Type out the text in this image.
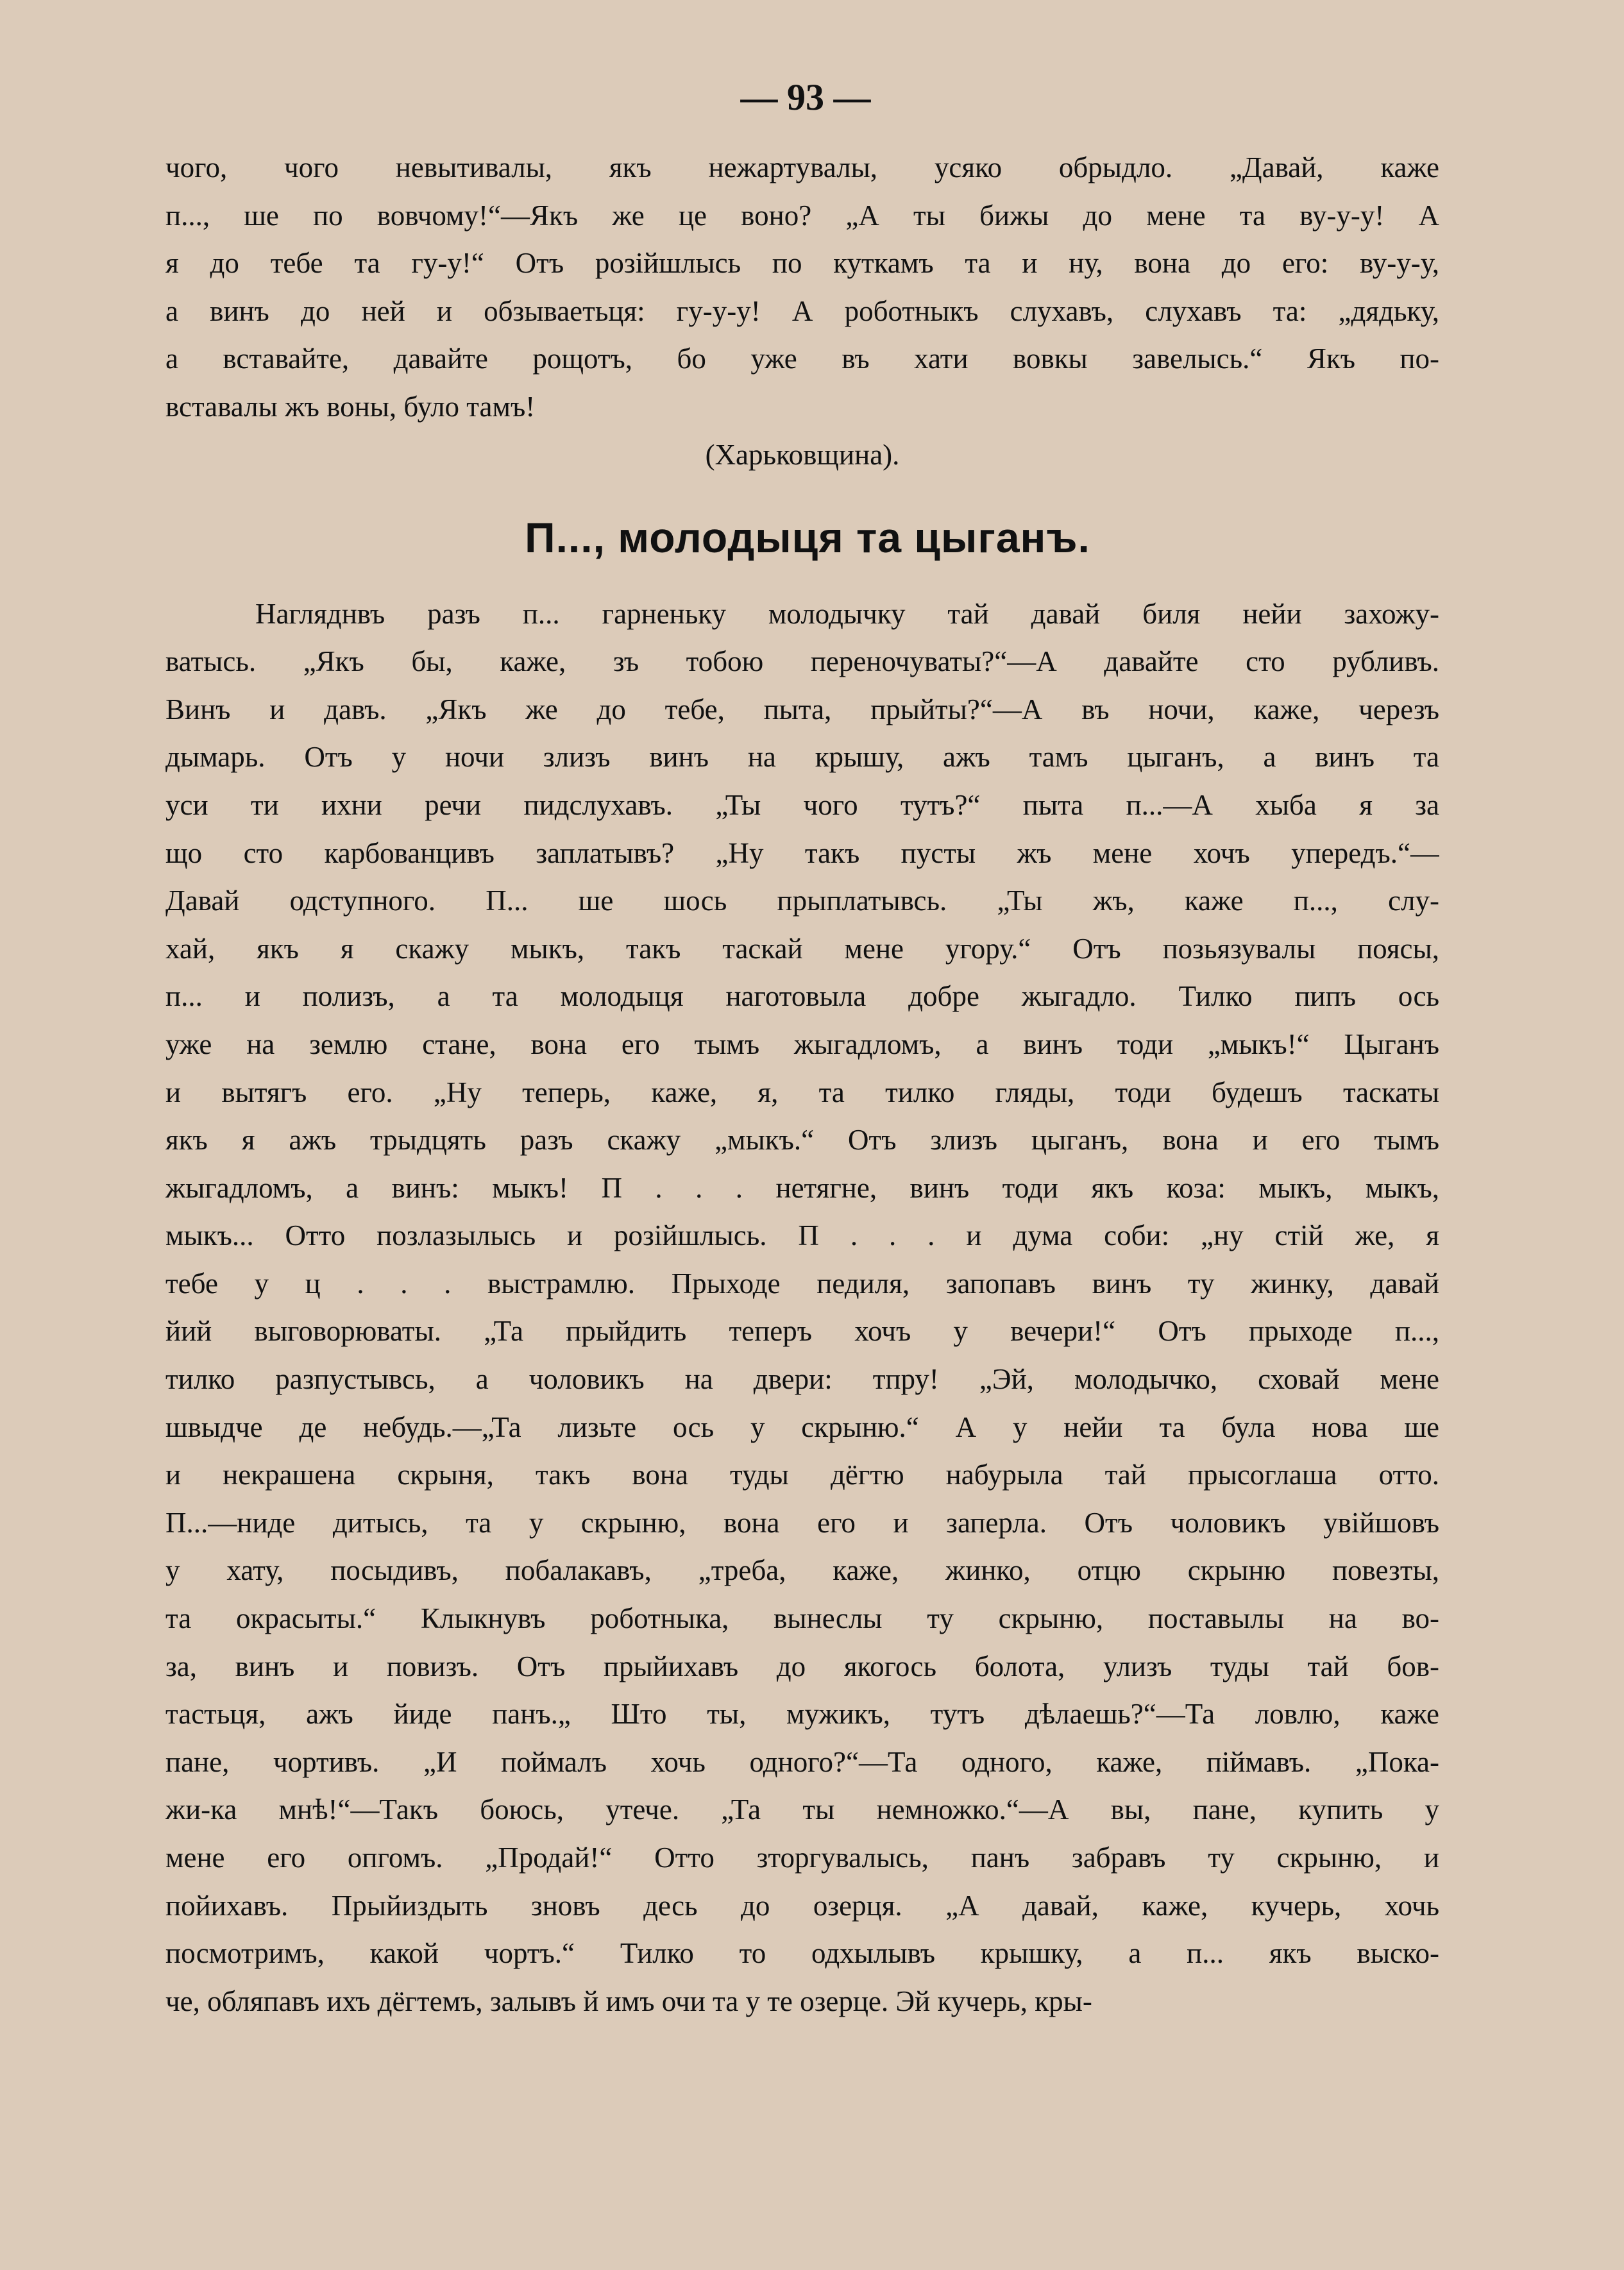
— 93 —
чого, чого невытивалы, якъ нежартувалы, усяко обрыдло. „Давай, каже
п..., ше по вовчому!“—Якъ же це воно? „А ты бижы до мене та ву-у-у! А
я до тебе та гу-у!“ Отъ розійшлысь по куткамъ та и ну, вона до его: ву-у-у,
а винъ до ней и обзываетьця: гу-у-у! А роботныкъ слухавъ, слухавъ та: „дядьку,
а вставайте, давайте рощотъ, бо уже въ хати вовкы завелысь.“ Якъ по-
вставалы жъ воны, було тамъ!
(Харьковщина).
П..., молодыця та цыганъ.
Нагляднвъ разъ п... гарненьку молодычку тай давай биля нейи захожу-
ватысь. „Якъ бы, каже, зъ тобою переночуваты?“—А давайте сто рубливъ.
Винъ и давъ. „Якъ же до тебе, пыта, прыйты?“—А въ ночи, каже, черезъ
дымарь. Отъ у ночи злизъ винъ на крышу, ажъ тамъ цыганъ, а винъ та
уси ти ихни речи пидслухавъ. „Ты чого тутъ?“ пыта п...—А хыба я за
що сто карбованцивъ заплатывъ? „Ну такъ пусты жъ мене хочъ упередъ.“—
Давай одступного. П... ше шось прыплатывсь. „Ты жъ, каже п..., слу-
хай, якъ я скажу мыкъ, такъ таскай мене угору.“ Отъ позьязувалы поясы,
п... и полизъ, а та молодыця наготовыла добре жыгадло. Тилко пипъ ось
уже на землю стане, вона его тымъ жыгадломъ, а винъ тоди „мыкъ!“ Цыганъ
и вытягъ его. „Ну теперь, каже, я, та тилко гляды, тоди будешъ таскаты
якъ я ажъ трыдцять разъ скажу „мыкъ.“ Отъ злизъ цыганъ, вона и его тымъ
жыгадломъ, а винъ: мыкъ! П . . . нетягне, винъ тоди якъ коза: мыкъ, мыкъ,
мыкъ... Отто позлазылысь и розійшлысь. П . . . и дума соби: „ну стій же, я
тебе у ц . . . выстрамлю. Прыходе педиля, запопавъ винъ ту жинку, давай
йий выговорюваты. „Та прыйдить теперъ хочъ у вечери!“ Отъ прыходе п...,
тилко разпустывсь, а чоловикъ на двери: тпру! „Эй, молодычко, сховай мене
швыдче де небудь.—„Та лизьте ось у скрыню.“ А у нейи та була нова ше
и некрашена скрыня, такъ вона туды дёгтю набурыла тай прысоглаша отто.
П...—ниде дитысь, та у скрыню, вона его и заперла. Отъ чоловикъ увійшовъ
у хату, посыдивъ, побалакавъ, „треба, каже, жинко, отцю скрыню повезты,
та окрасыты.“ Клыкнувъ роботныка, вынеслы ту скрыню, поставылы на во-
за, винъ и повизъ. Отъ прыйихавъ до якогось болота, улизъ туды тай бов-
тастьця, ажъ йиде панъ.„ Што ты, мужикъ, тутъ дѣлаешь?“—Та ловлю, каже
пане, чортивъ. „И поймалъ хочь одного?“—Та одного, каже, піймавъ. „Пока-
жи-ка мнѣ!“—Такъ боюсь, утече. „Та ты немножко.“—А вы, пане, купить у
мене его опгомъ. „Продай!“ Отто зторгувалысь, панъ забравъ ту скрыню, и
пойихавъ. Прыйиздыть зновъ десь до озерця. „А давай, каже, кучерь, хочь
посмотримъ, какой чортъ.“ Тилко то одхылывъ крышку, а п... якъ выско-
че, обляпавъ ихъ дёгтемъ, залывъ й имъ очи та у те озерце. Эй кучерь, кры-
